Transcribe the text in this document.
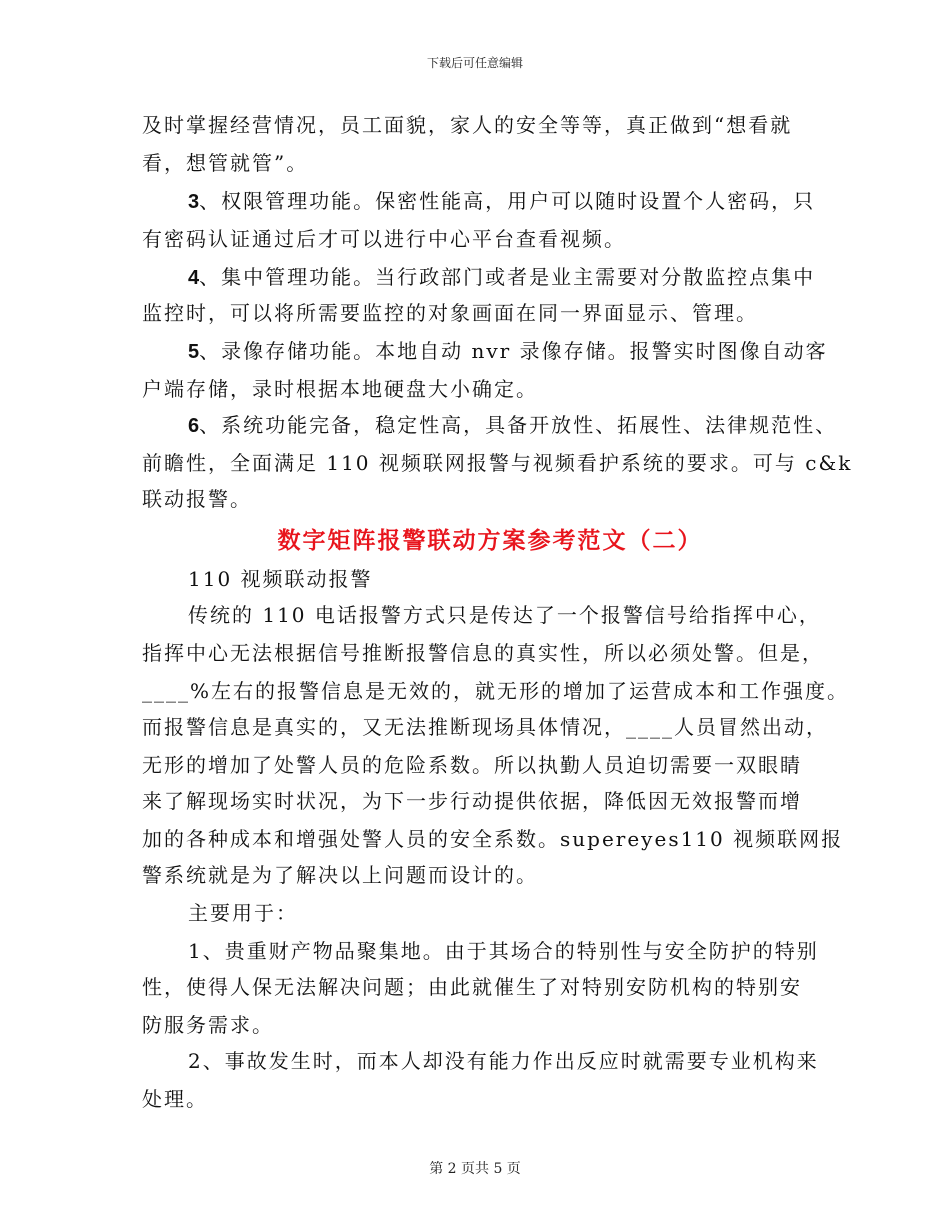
下载后可任意编辑
及时掌握经营情况，员工面貌，家人的安全等等，真正做到“想看就
看，想管就管”。
3、权限管理功能。保密性能高，用户可以随时设置个人密码，只
有密码认证通过后才可以进行中心平台查看视频。
4、集中管理功能。当行政部门或者是业主需要对分散监控点集中
监控时，可以将所需要监控的对象画面在同一界面显示、管理。
5、录像存储功能。本地自动 nvr 录像存储。报警实时图像自动客
户端存储，录时根据本地硬盘大小确定。
6、系统功能完备，稳定性高，具备开放性、拓展性、法律规范性、
前瞻性，全面满足 110 视频联网报警与视频看护系统的要求。可与 c&k
联动报警。
数字矩阵报警联动方案参考范文（二）
110 视频联动报警
传统的 110 电话报警方式只是传达了一个报警信号给指挥中心，
指挥中心无法根据信号推断报警信息的真实性，所以必须处警。但是，
____%左右的报警信息是无效的，就无形的增加了运营成本和工作强度。
而报警信息是真实的，又无法推断现场具体情况，____人员冒然出动，
无形的增加了处警人员的危险系数。所以执勤人员迫切需要一双眼睛
来了解现场实时状况，为下一步行动提供依据，降低因无效报警而增
加的各种成本和增强处警人员的安全系数。supereyes110 视频联网报
警系统就是为了解决以上问题而设计的。
主要用于：
1、贵重财产物品聚集地。由于其场合的特别性与安全防护的特别
性，使得人保无法解决问题；由此就催生了对特别安防机构的特别安
防服务需求。
2、事故发生时，而本人却没有能力作出反应时就需要专业机构来
处理。
第 2 页共 5 页
